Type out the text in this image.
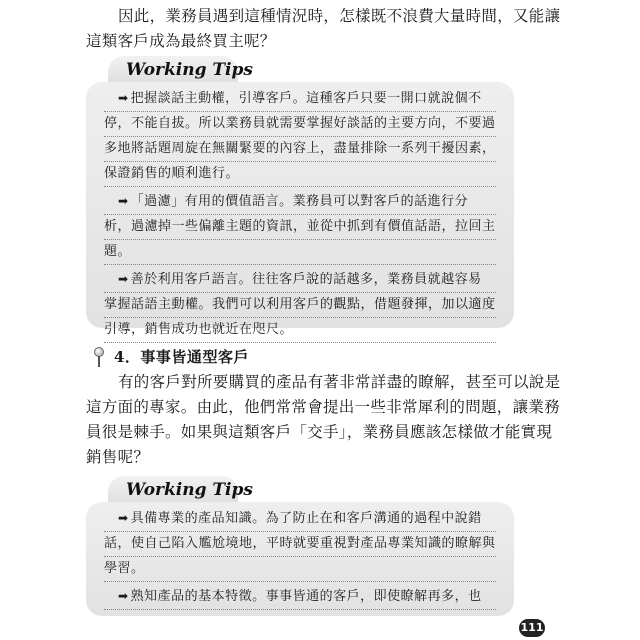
因此，業務員遇到這種情況時，怎樣既不浪費大量時間，又能讓
這類客戶成為最終買主呢？
Working Tips
➡ 把握談話主動權，引導客戶。這種客戶只要一開口就說個不
停，不能自拔。所以業務員就需要掌握好談話的主要方向，不要過
多地將話題周旋在無關緊要的內容上，盡量排除一系列干擾因素，
保證銷售的順利進行。
➡ 「過濾」有用的價值語言。業務員可以對客戶的話進行分
析，過濾掉一些偏離主題的資訊，並從中抓到有價值話語，拉回主
題。
➡ 善於利用客戶語言。往往客戶說的話越多，業務員就越容易
掌握話語主動權。我們可以利用客戶的觀點，借題發揮，加以適度
引導，銷售成功也就近在咫尺。
4．事事皆通型客戶
有的客戶對所要購買的產品有著非常詳盡的瞭解，甚至可以說是
這方面的專家。由此，他們常常會提出一些非常犀利的問題，讓業務
員很是棘手。如果與這類客戶「交手」，業務員應該怎樣做才能實現
銷售呢？
Working Tips
➡ 具備專業的產品知識。為了防止在和客戶溝通的過程中說錯
話，使自己陷入尷尬境地，平時就要重視對產品專業知識的瞭解與
學習。
➡ 熟知產品的基本特徵。事事皆通的客戶，即使瞭解再多，也
111
